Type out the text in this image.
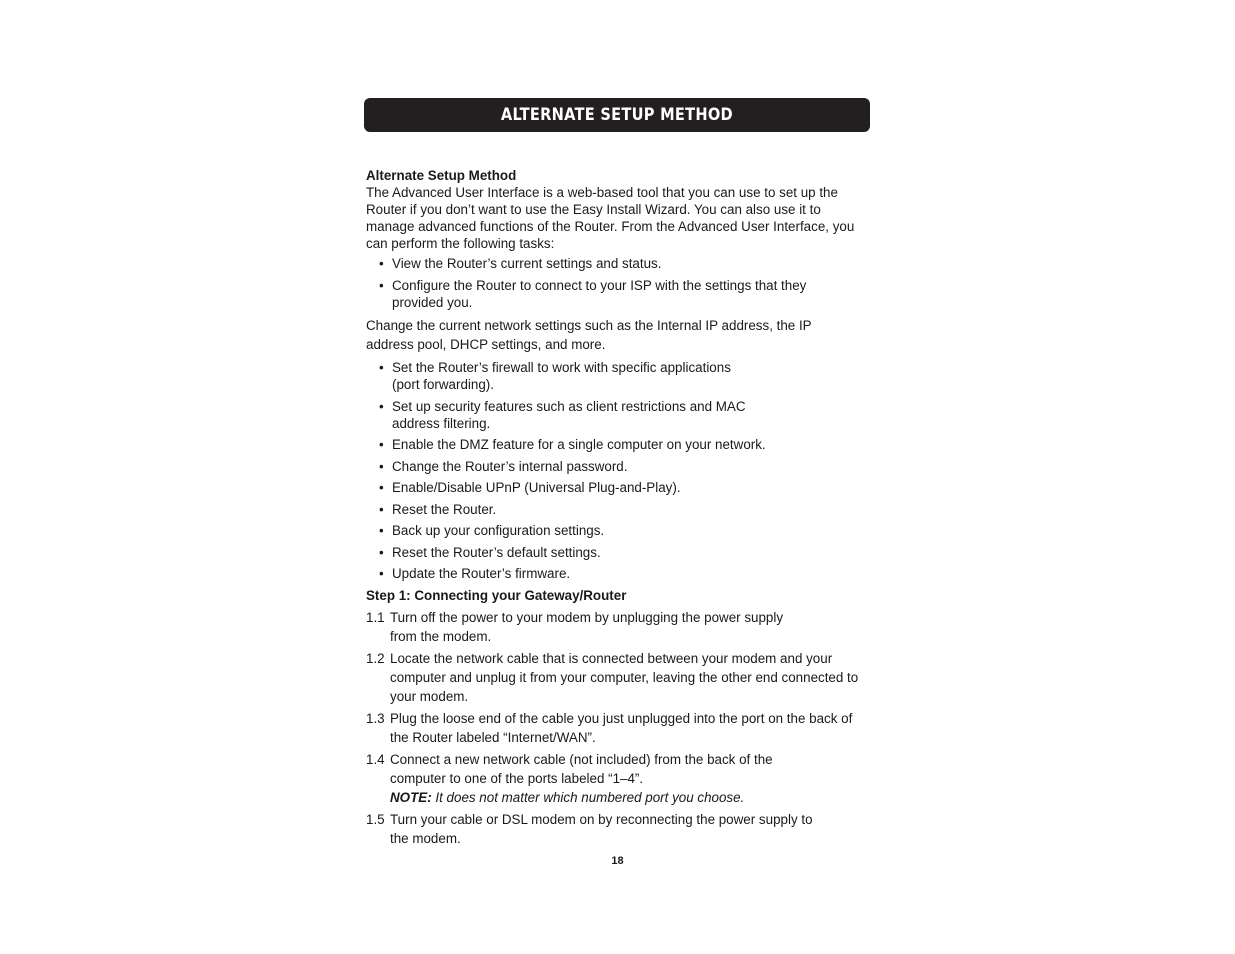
ALTERNATE SETUP METHOD

Alternate Setup Method

The Advanced User Interface is a web-based tool that you can use to set up the Router if you don’t want to use the Easy Install Wizard. You can also use it to manage advanced functions of the Router. From the Advanced User Interface, you can perform the following tasks:

• View the Router’s current settings and status.
• Configure the Router to connect to your ISP with the settings that they provided you.

Change the current network settings such as the Internal IP address, the IP address pool, DHCP settings, and more.

• Set the Router’s firewall to work with specific applications (port forwarding).
• Set up security features such as client restrictions and MAC address filtering.
• Enable the DMZ feature for a single computer on your network.
• Change the Router’s internal password.
• Enable/Disable UPnP (Universal Plug-and-Play).
• Reset the Router.
• Back up your configuration settings.
• Reset the Router’s default settings.
• Update the Router’s firmware.

Step 1: Connecting your Gateway/Router

1.1 Turn off the power to your modem by unplugging the power supply from the modem.
1.2 Locate the network cable that is connected between your modem and your computer and unplug it from your computer, leaving the other end connected to your modem.
1.3 Plug the loose end of the cable you just unplugged into the port on the back of the Router labeled “Internet/WAN”.
1.4 Connect a new network cable (not included) from the back of the computer to one of the ports labeled “1–4”.
NOTE: It does not matter which numbered port you choose.
1.5 Turn your cable or DSL modem on by reconnecting the power supply to the modem.
18
